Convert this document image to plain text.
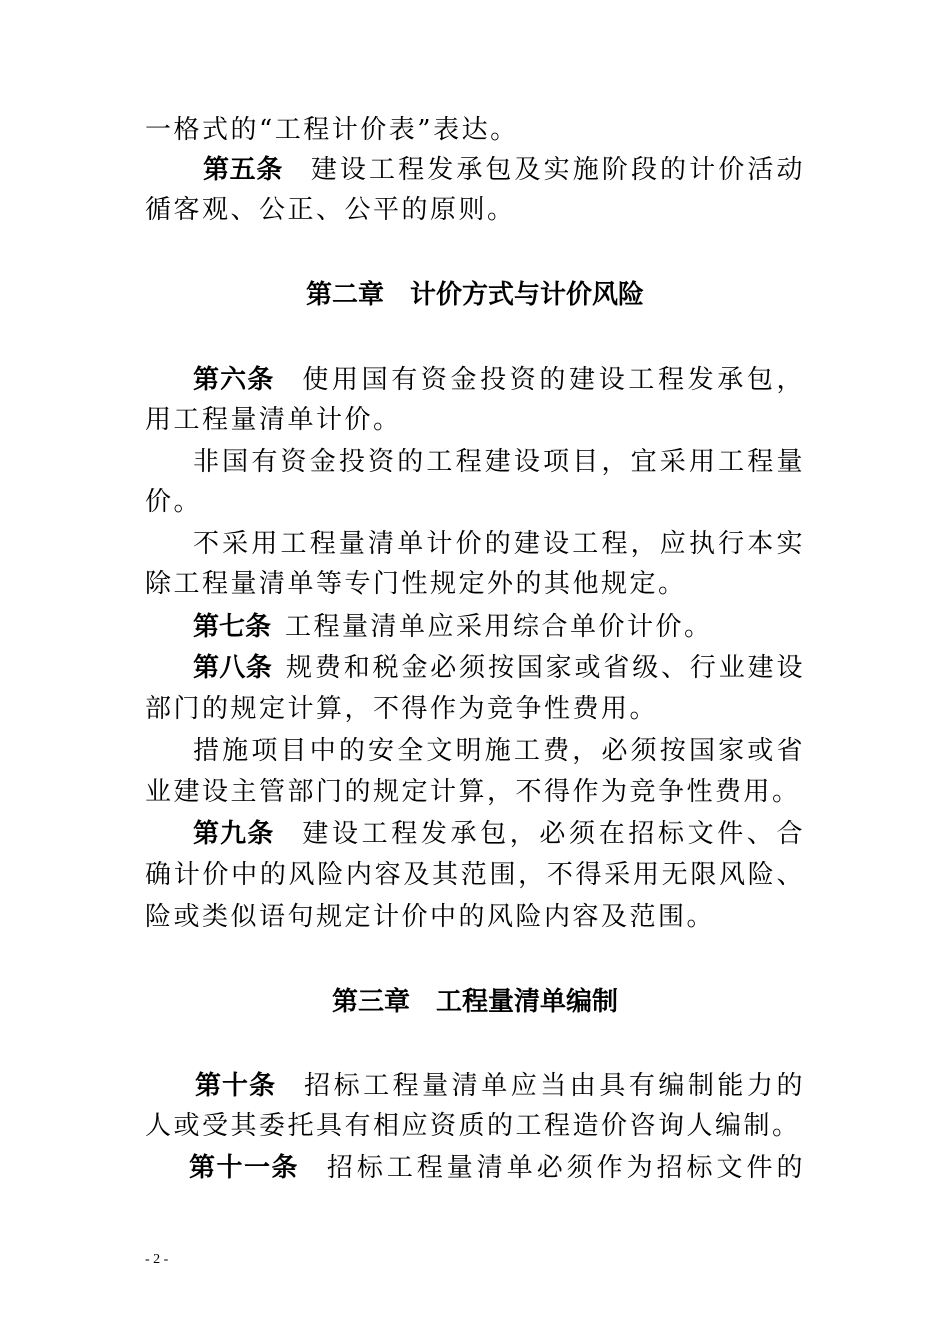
一格式的“工程计价表”表达。
第五条 建设工程发承包及实施阶段的计价活动
循客观、公正、公平的原则。
第二章 计价方式与计价风险
第六条 使用国有资金投资的建设工程发承包，
用工程量清单计价。
非国有资金投资的工程建设项目，宜采用工程量
价。
不采用工程量清单计价的建设工程，应执行本实
除工程量清单等专门性规定外的其他规定。
第七条 工程量清单应采用综合单价计价。
第八条 规费和税金必须按国家或省级、行业建设
部门的规定计算，不得作为竞争性费用。
措施项目中的安全文明施工费，必须按国家或省
业建设主管部门的规定计算，不得作为竞争性费用。
第九条 建设工程发承包，必须在招标文件、合
确计价中的风险内容及其范围，不得采用无限风险、
险或类似语句规定计价中的风险内容及范围。
第三章 工程量清单编制
第十条 招标工程量清单应当由具有编制能力的
人或受其委托具有相应资质的工程造价咨询人编制。
第十一条 招标工程量清单必须作为招标文件的
- 2 -
